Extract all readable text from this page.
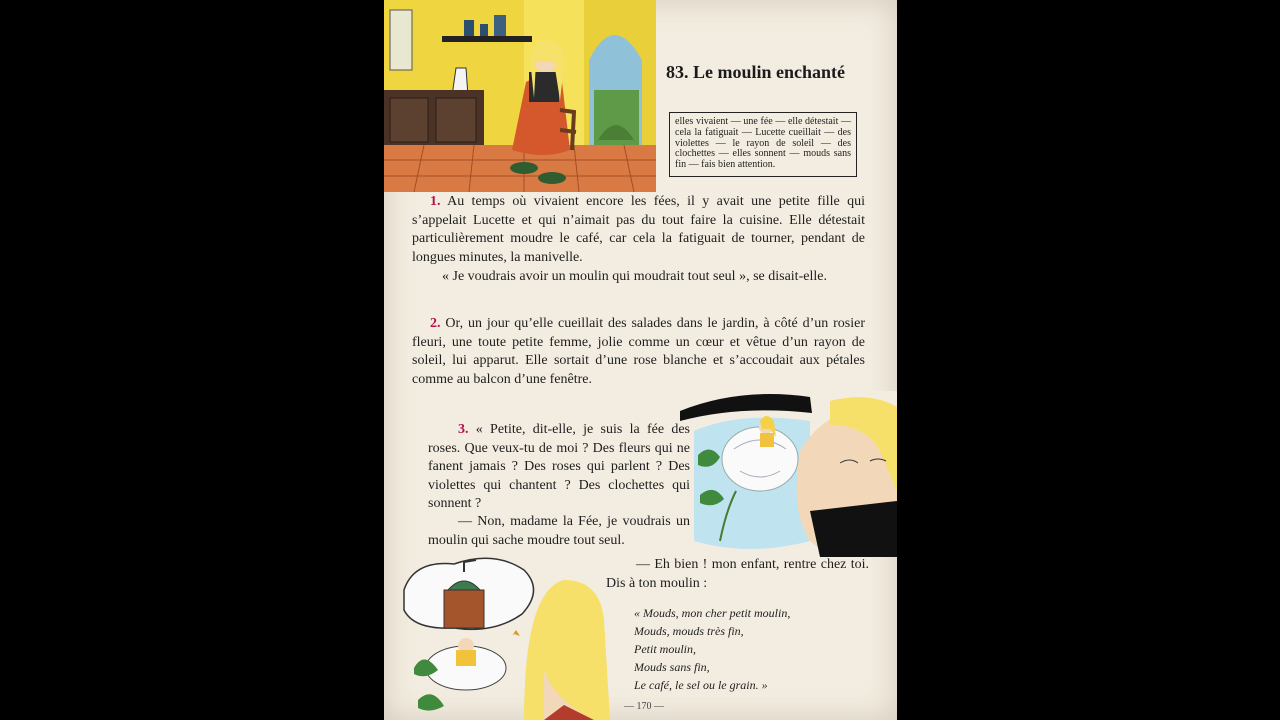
83. Le moulin enchanté
elles vivaient — une fée — elle détestait — cela la fatiguait — Lucette cueillait — des violettes — le rayon de soleil — des clochettes — elles sonnent — mouds sans fin — fais bien attention.

1. Au temps où vivaient encore les fées, il y avait une petite fille qui s’appelait Lucette et qui n’aimait pas du tout faire la cuisine. Elle détestait particulièrement moudre le café, car cela la fatiguait de tourner, pendant de longues minutes, la manivelle.

« Je voudrais avoir un moulin qui moudrait tout seul », se disait-elle.

2. Or, un jour qu’elle cueillait des salades dans le jardin, à côté d’un rosier fleuri, une toute petite femme, jolie comme un cœur et vêtue d’un rayon de soleil, lui apparut. Elle sortait d’une rose blanche et s’accoudait aux pétales comme au balcon d’une fenêtre.

3. « Petite, dit-elle, je suis la fée des roses. Que veux-tu de moi ? Des fleurs qui ne fanent jamais ? Des roses qui parlent ? Des violettes qui chantent ? Des clochettes qui sonnent ?

— Non, madame la Fée, je voudrais un moulin qui sache moudre tout seul.

— Eh bien ! mon enfant, rentre chez toi. Dis à ton moulin :

« Mouds, mon cher petit moulin,
Mouds, mouds très fin,
Petit moulin,
Mouds sans fin,
Le café, le sel ou le grain. »
— 170 —
